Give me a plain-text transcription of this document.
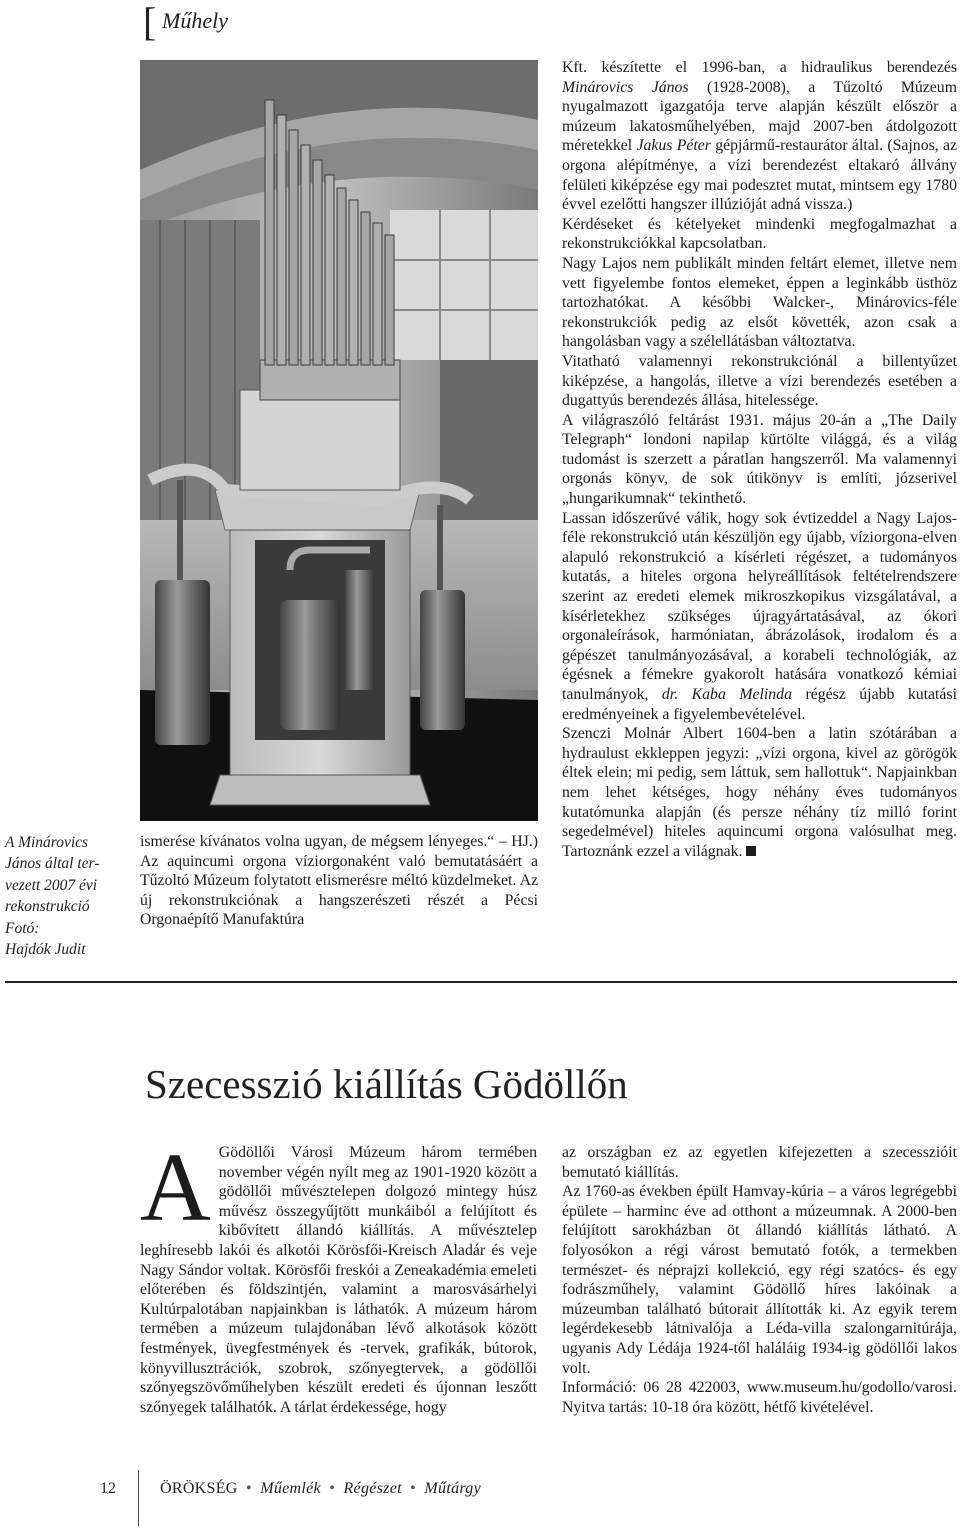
[ Műhely
A Minárovics
János által ter-
vezett 2007 évi
rekonstrukció
Fotó:
Hajdók Judit

ismerése kívánatos volna ugyan, de mégsem lényeges.“ – HJ.) Az aquincumi orgona víziorgonaként való bemutatásáért a Tűzoltó Múzeum folytatott elismerésre méltó küzdelmeket. Az új rekonstrukciónak a hangszerészeti részét a Pécsi Orgonaépítő Manufaktúra

Kft. készítette el 1996-ban, a hidraulikus berendezés Minárovics János (1928-2008), a Tűzoltó Múzeum nyugalmazott igazgatója terve alapján készült először a múzeum lakatosműhelyében, majd 2007-ben átdolgozott méretekkel Jakus Péter gépjármű-restaurátor által. (Sajnos, az orgona alépítménye, a vízi berendezést eltakaró állvány felületi kiképzése egy mai podesztet mutat, mintsem egy 1780 évvel ezelőtti hangszer illúzióját adná vissza.)

Kérdéseket és kételyeket mindenki megfogalmazhat a rekonstrukciókkal kapcsolatban.

Nagy Lajos nem publikált minden feltárt elemet, illetve nem vett figyelembe fontos elemeket, éppen a leginkább üsthöz tartozhatókat. A későbbi Walcker-, Minárovics-féle rekonstrukciók pedig az elsőt követték, azon csak a hangolásban vagy a szélellátásban változtatva.

Vitatható valamennyi rekonstrukciónál a billentyűzet kiképzése, a hangolás, illetve a vízi berendezés esetében a dugattyús berendezés állása, hitelessége.

A világraszóló feltárást 1931. május 20-án a „The Daily Telegraph“ londoni napilap kürtölte világgá, és a világ tudomást is szerzett a páratlan hangszerről. Ma valamennyi orgonás könyv, de sok útikönyv is említi, józserivel „hungarikumnak“ tekinthető.

Lassan időszerűvé válik, hogy sok évtizeddel a Nagy Lajos-féle rekonstrukció után készüljön egy újabb, víziorgona-elven alapuló rekonstrukció a kísérleti régészet, a tudományos kutatás, a hiteles orgona helyreállítások feltételrendszere szerint az eredeti elemek mikroszkopikus vizsgálatával, a kísérletekhez szükséges újragyártatásával, az ókori orgonaleírások, harmóniatan, ábrázolások, irodalom és a gépészet tanulmányozásával, a korabeli technológiák, az égésnek a fémekre gyakorolt hatására vonatkozó kémiai tanulmányok, dr. Kaba Melinda régész újabb kutatási eredményeinek a figyelembevételével.

Szenczi Molnár Albert 1604-ben a latin szótárában a hydraulust ekkleppen jegyzi: „vízi orgona, kivel az görögök éltek elein; mi pedig, sem láttuk, sem hallottuk“. Napjainkban nem lehet kétséges, hogy néhány éves tudományos kutatómunka alapján (és persze néhány tíz milló forint segedelmével) hiteles aquincumi orgona valósulhat meg. Tartoznánk ezzel a világnak.

Szecesszió kiállítás Gödöllőn
A Gödöllői Városi Múzeum három termében november végén nyílt meg az 1901-1920 között a gödöllői művésztelepen dolgozó mintegy húsz művész összegyűjtött munkáiból a felújított és kibővített állandó kiállítás. A művésztelep leghíresebb lakói és alkotói Körösfői-Kreisch Aladár és veje Nagy Sándor voltak. Körösfői freskói a Zeneakadémia emeleti előterében és földszintjén, valamint a marosvásárhelyi Kultúrpalotában napjainkban is láthatók. A múzeum három termében a múzeum tulajdonában lévő alkotások között festmények, üvegfestmények és -tervek, grafikák, bútorok, könyvillusztrációk, szobrok, szőnyegtervek, a gödöllői szőnyegszövőműhelyben készült eredeti és újonnan leszőtt szőnyegek találhatók. A tárlat érdekessége, hogy

az országban ez az egyetlen kifejezetten a szecesszióit bemutató kiállítás.

Az 1760-as években épült Hamvay-kúria – a város legrégebbi épülete – harminc éve ad otthont a múzeumnak. A 2000-ben felújított sarokházban öt állandó kiállítás látható. A folyosókon a régi várost bemutató fotók, a termekben természet- és néprajzi kollekció, egy régi szatócs- és egy fodrászműhely, valamint Gödöllő híres lakóinak a múzeumban található bútorait állították ki. Az egyik terem legérdekesebb látnivalója a Léda-villa szalongarnitúrája, ugyanis Ady Lédája 1924-től haláláig 1934-ig gödöllői lakos volt.

Információ: 06 28 422003, www.museum.hu/godollo/varosi. Nyitva tartás: 10-18 óra között, hétfő kivételével.

12	ÖRÖKSÉG • Műemlék • Régészet • Műtárgy
